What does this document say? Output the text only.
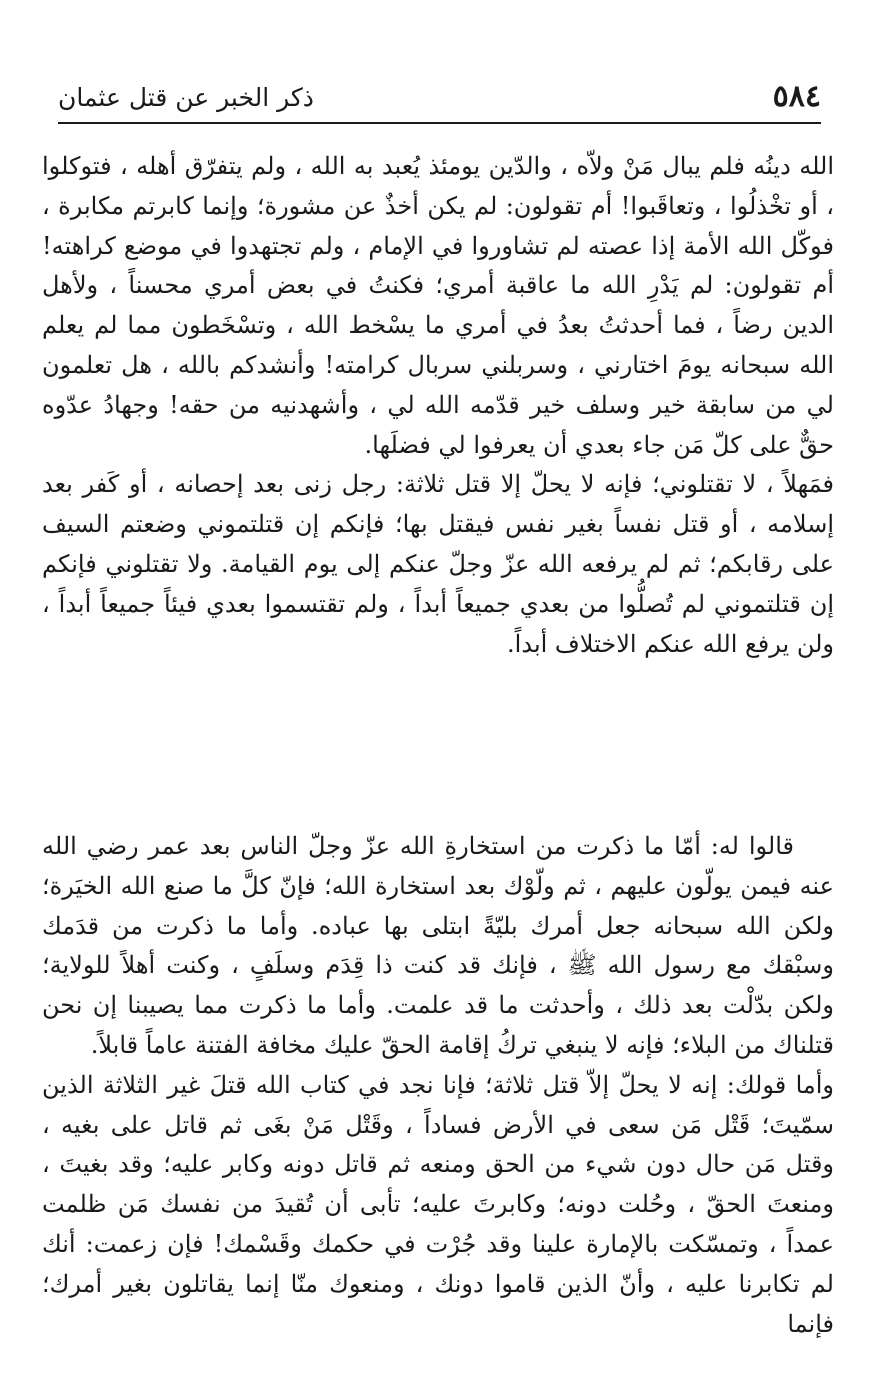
٥٨٤
ذكر الخبر عن قتل عثمان

الله دينُه فلم يبال مَنْ ولاّه ، والدّين يومئذ يُعبد به الله ، ولم يتفرّق أهله ، فتوكلوا ، أو تخْذلُوا ، وتعاقَبوا! أم تقولون: لم يكن أخذٌ عن مشورة؛ وإنما كابرتم مكابرة ، فوكّل الله الأمة إذا عصته لم تشاوروا في الإمام ، ولم تجتهدوا في موضع كراهته! أم تقولون: لم يَدْرِ الله ما عاقبة أمري؛ فكنتُ في بعض أمري محسناً ، ولأهل الدين رضاً ، فما أحدثتُ بعدُ في أمري ما يسْخط الله ، وتسْخَطون مما لم يعلم الله سبحانه يومَ اختارني ، وسربلني سربال كرامته! وأنشدكم بالله ، هل تعلمون لي من سابقة خير وسلف خير قدّمه الله لي ، وأشهدنيه من حقه! وجهادُ عدّوه حقٌّ على كلّ مَن جاء بعدي أن يعرفوا لي فضلَها.

فمَهلاً ، لا تقتلوني؛ فإنه لا يحلّ إلا قتل ثلاثة: رجل زنى بعد إحصانه ، أو كَفر بعد إسلامه ، أو قتل نفساً بغير نفس فيقتل بها؛ فإنكم إن قتلتموني وضعتم السيف على رقابكم؛ ثم لم يرفعه الله عزّ وجلّ عنكم إلى يوم القيامة. ولا تقتلوني فإنكم إن قتلتموني لم تُصلُّوا من بعدي جميعاً أبداً ، ولم تقتسموا بعدي فيئاً جميعاً أبداً ، ولن يرفع الله عنكم الاختلاف أبداً.

قالوا له: أمّا ما ذكرت من استخارةِ الله عزّ وجلّ الناس بعد عمر رضي الله عنه فيمن يولّون عليهم ، ثم ولّوْك بعد استخارة الله؛ فإنّ كلَّ ما صنع الله الخيَرة؛ ولكن الله سبحانه جعل أمرك بليّةً ابتلى بها عباده. وأما ما ذكرت من قدَمك وسبْقك مع رسول الله ﷺ ، فإنك قد كنت ذا قِدَم وسلَفٍ ، وكنت أهلاً للولاية؛ ولكن بدّلْت بعد ذلك ، وأحدثت ما قد علمت. وأما ما ذكرت مما يصيبنا إن نحن قتلناك من البلاء؛ فإنه لا ينبغي تركُ إقامة الحقّ عليك مخافة الفتنة عاماً قابلاً.

وأما قولك: إنه لا يحلّ إلاّ قتل ثلاثة؛ فإنا نجد في كتاب الله قتلَ غير الثلاثة الذين سمّيتَ؛ قَتْل مَن سعى في الأرض فساداً ، وقَتْل مَنْ بغَى ثم قاتل على بغيه ، وقتل مَن حال دون شيء من الحق ومنعه ثم قاتل دونه وكابر عليه؛ وقد بغيتَ ، ومنعتَ الحقّ ، وحُلت دونه؛ وكابرتَ عليه؛ تأبى أن تُقيدَ من نفسك مَن ظلمت عمداً ، وتمسّكت بالإمارة علينا وقد جُرْت في حكمك وقَسْمك! فإن زعمت: أنك لم تكابرنا عليه ، وأنّ الذين قاموا دونك ، ومنعوك منّا إنما يقاتلون بغير أمرك؛ فإنما
